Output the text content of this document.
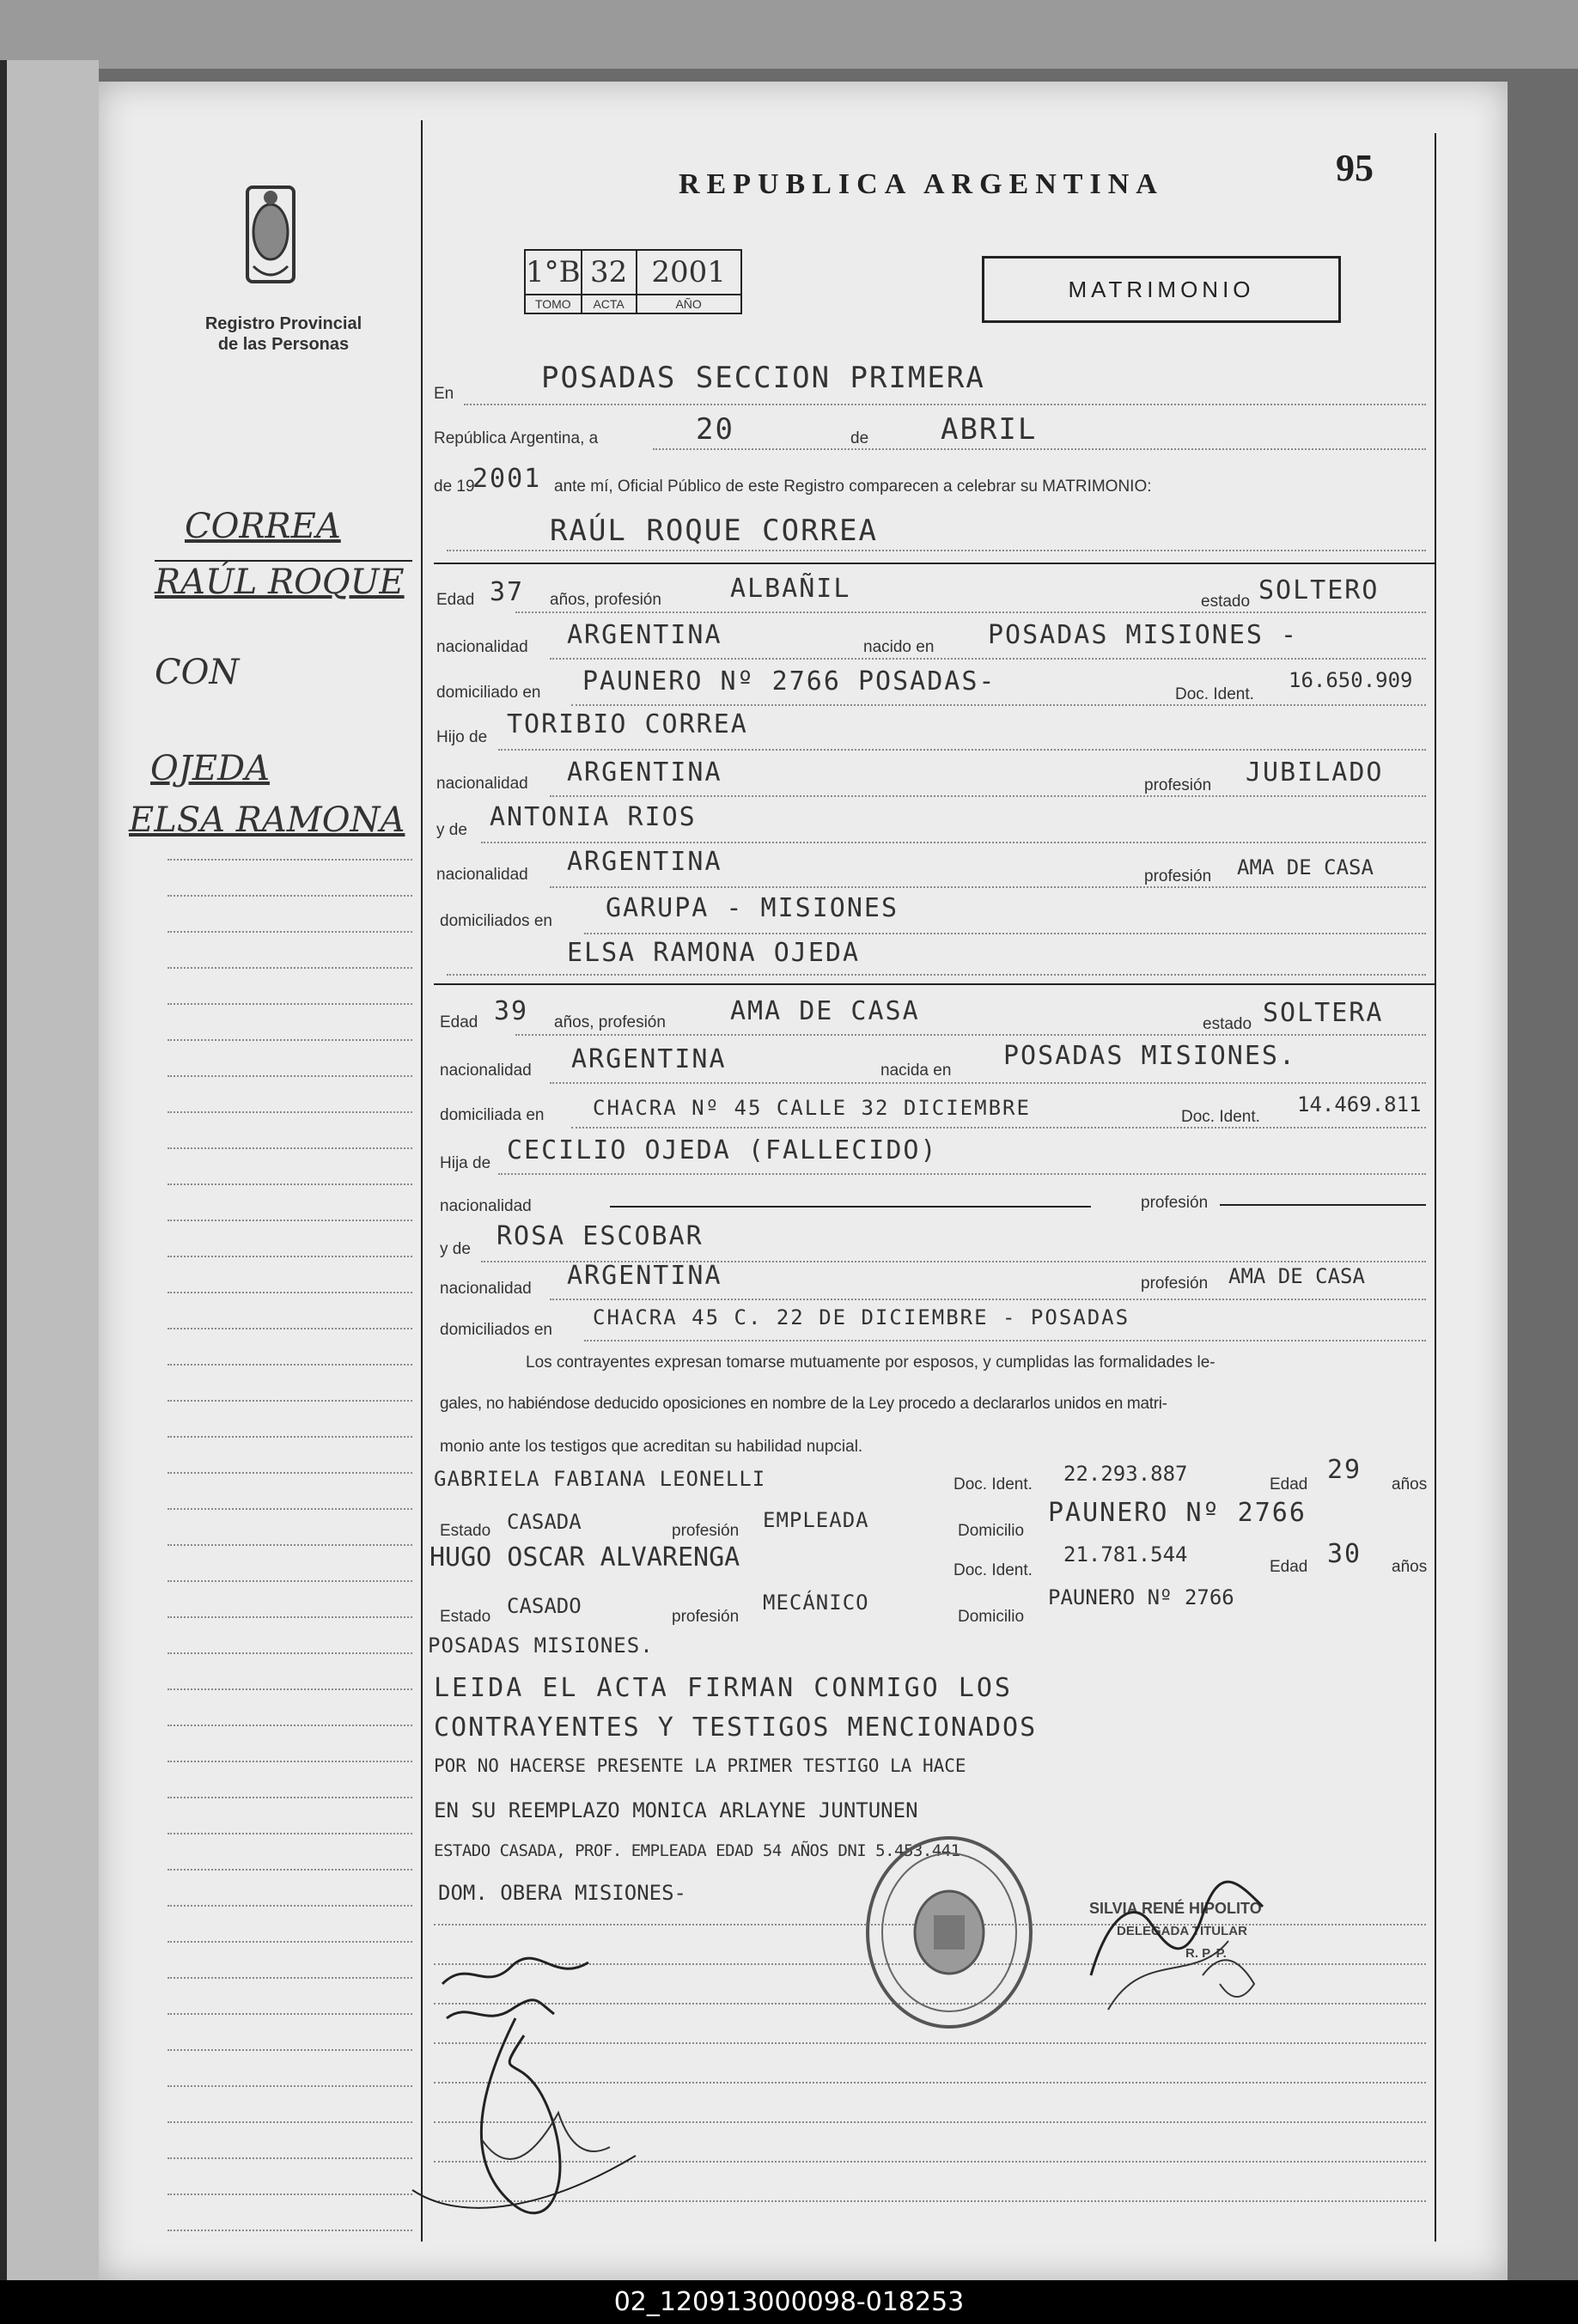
REPUBLICA ARGENTINA	95
Registro Provincial
de las Personas
1°B	32	2001
TOMO	ACTA	AÑO
MATRIMONIO
CORREA
RAÚL ROQUE
CON
OJEDA
ELSA RAMONA
En	POSADAS SECCION PRIMERA
República Argentina, a	20	de ABRIL
de 19
2001 ante mí, Oficial Público de este Registro comparecen a celebrar su MATRIMONIO:
RAÚL ROQUE CORREA
Edad 37 años, profesión	ALBAÑIL	estado SOLTERO
nacionalidad ARGENTINA	nacido en POSADAS MISIONES -
domiciliado en PAUNERO Nº 2766 POSADAS-	Doc. Ident.
16.650.909
Hijo de TORIBIO CORREA
nacionalidad ARGENTINA	profesión JUBILADO
y de ANTONIA RIOS
nacionalidad ARGENTINA	profesión AMA DE CASA
domiciliados en GARUPA - MISIONES
ELSA RAMONA OJEDA
Edad 39 años, profesión	AMA DE CASA	estado SOLTERA
nacionalidad ARGENTINA	nacida en POSADAS MISIONES.
domiciliada en CHACRA Nº 45 CALLE 32 DICIEMBRE	Doc. Ident.
14.469.811
Hija de CECILIO OJEDA (FALLECIDO)
nacionalidad	profesión
y de ROSA ESCOBAR
nacionalidad ARGENTINA	profesión AMA DE CASA
domiciliados en
CHACRA 45 C. 22 DE DICIEMBRE - POSADAS
Los contrayentes expresan tomarse mutuamente por esposos, y cumplidas las formalidades le-
gales, no habiéndose deducido oposiciones en nombre de la Ley procedo a declararlos unidos en matri-
monio ante los testigos que acreditan su habilidad nupcial.
GABRIELA FABIANA LEONELLI	Doc. Ident. 22.293.887	Edad 29 años
Estado CASADA	profesión EMPLEADA	Domicilio
PAUNERO Nº 2766
HUGO OSCAR ALVARENGA	Doc. Ident.
21.781.544
Edad 30 años
Estado CASADO	profesión
MECÁNICO
Domicilio
PAUNERO Nº 2766
POSADAS MISIONES.
LEIDA EL ACTA FIRMAN CONMIGO LOS
CONTRAYENTES Y TESTIGOS MENCIONADOS
POR NO HACERSE PRESENTE LA PRIMER TESTIGO LA HACE
EN SU REEMPLAZO MONICA ARLAYNE JUNTUNEN
ESTADO CASADA, PROF. EMPLEADA EDAD 54 AÑOS DNI 5.453.441
DOM. OBERA MISIONES-
SILVIA RENÉ HIPOLITO
DELEGADA TITULAR
R. P. P.
02_120913000098-018253
